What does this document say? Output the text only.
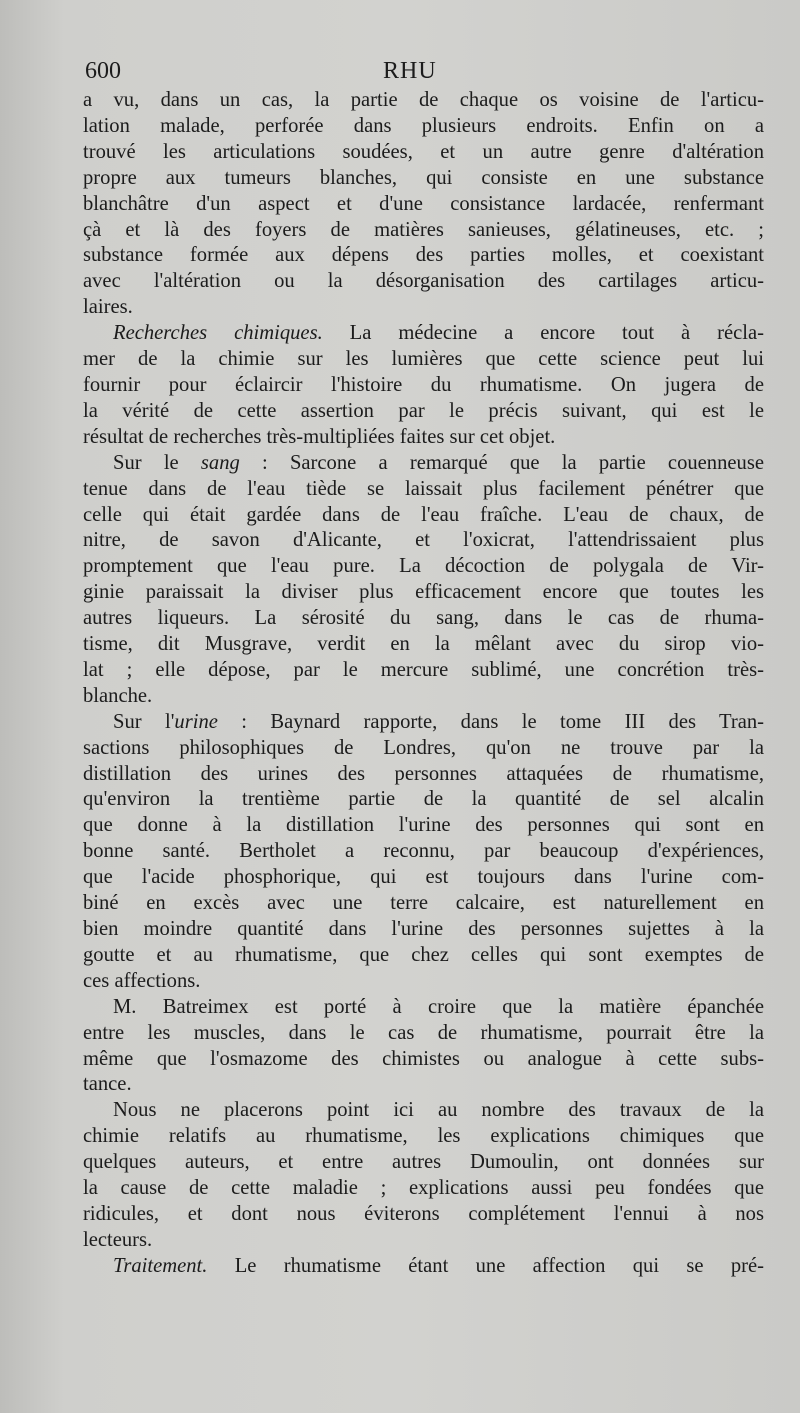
600	RHU
a vu, dans un cas, la partie de chaque os voisine de l'articu-
lation malade, perforée dans plusieurs endroits. Enfin on a
trouvé les articulations soudées, et un autre genre d'altération
propre aux tumeurs blanches, qui consiste en une substance
blanchâtre d'un aspect et d'une consistance lardacée, renfermant
çà et là des foyers de matières sanieuses, gélatineuses, etc. ;
substance formée aux dépens des parties molles, et coexistant
avec l'altération ou la désorganisation des cartilages articu-
laires.
Recherches chimiques. La médecine a encore tout à récla-
mer de la chimie sur les lumières que cette science peut lui
fournir pour éclaircir l'histoire du rhumatisme. On jugera de
la vérité de cette assertion par le précis suivant, qui est le
résultat de recherches très-multipliées faites sur cet objet.
Sur le sang : Sarcone a remarqué que la partie couenneuse
tenue dans de l'eau tiède se laissait plus facilement pénétrer que
celle qui était gardée dans de l'eau fraîche. L'eau de chaux, de
nitre, de savon d'Alicante, et l'oxicrat, l'attendrissaient plus
promptement que l'eau pure. La décoction de polygala de Vir-
ginie paraissait la diviser plus efficacement encore que toutes les
autres liqueurs. La sérosité du sang, dans le cas de rhuma-
tisme, dit Musgrave, verdit en la mêlant avec du sirop vio-
lat ; elle dépose, par le mercure sublimé, une concrétion très-
blanche.
Sur l'urine : Baynard rapporte, dans le tome III des Tran-
sactions philosophiques de Londres, qu'on ne trouve par la
distillation des urines des personnes attaquées de rhumatisme,
qu'environ la trentième partie de la quantité de sel alcalin
que donne à la distillation l'urine des personnes qui sont en
bonne santé. Bertholet a reconnu, par beaucoup d'expériences,
que l'acide phosphorique, qui est toujours dans l'urine com-
biné en excès avec une terre calcaire, est naturellement en
bien moindre quantité dans l'urine des personnes sujettes à la
goutte et au rhumatisme, que chez celles qui sont exemptes de
ces affections.
M. Batreimex est porté à croire que la matière épanchée
entre les muscles, dans le cas de rhumatisme, pourrait être la
même que l'osmazome des chimistes ou analogue à cette subs-
tance.
Nous ne placerons point ici au nombre des travaux de la
chimie relatifs au rhumatisme, les explications chimiques que
quelques auteurs, et entre autres Dumoulin, ont données sur
la cause de cette maladie ; explications aussi peu fondées que
ridicules, et dont nous éviterons complétement l'ennui à nos
lecteurs.
Traitement. Le rhumatisme étant une affection qui se pré-
